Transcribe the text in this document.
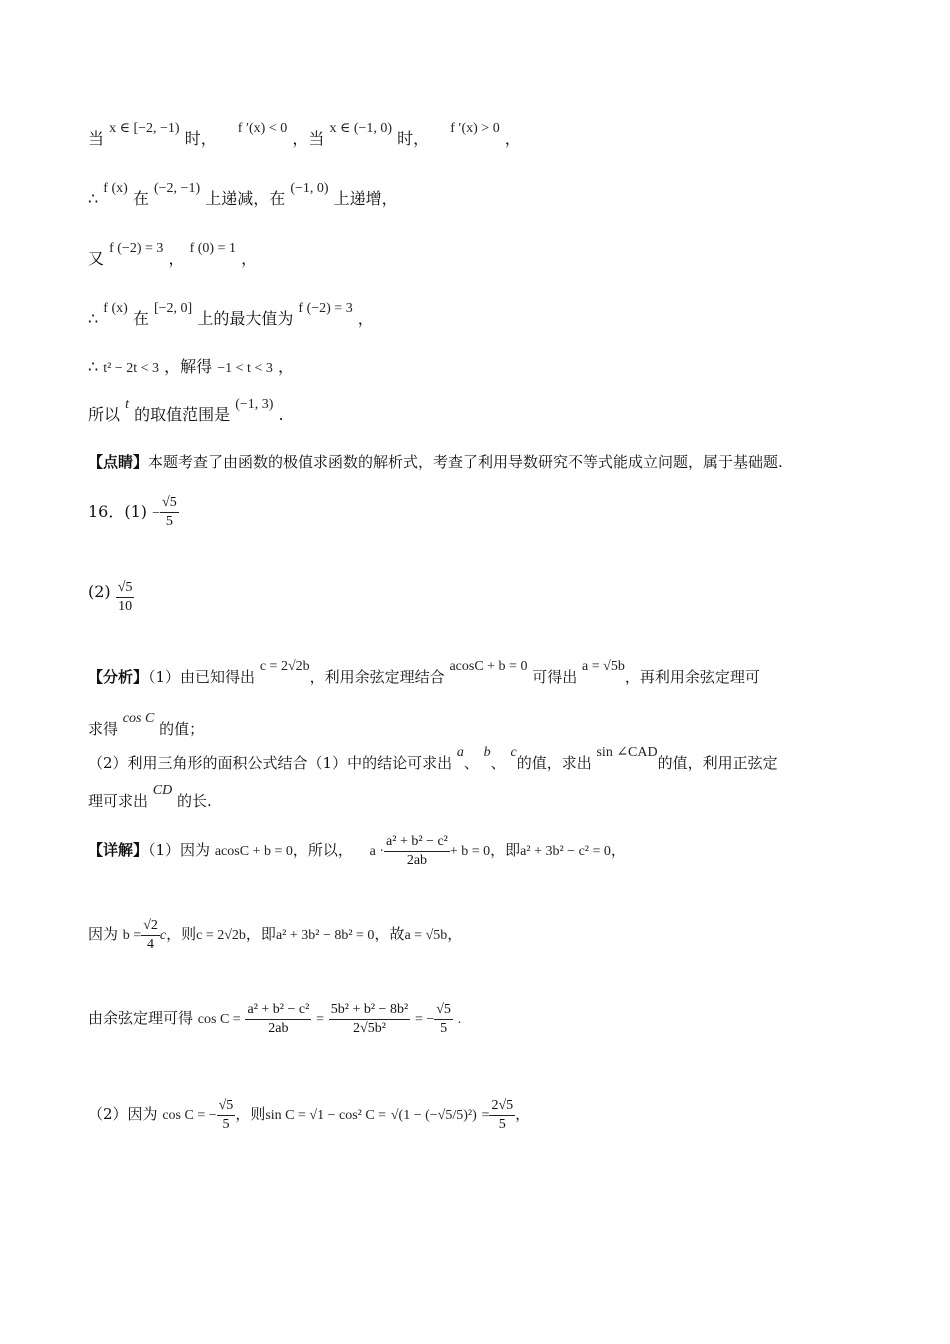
当 x ∈ [−2, −1) 时， f ′(x) < 0 ，当 x ∈ (−1, 0) 时， f ′(x) > 0 ，
∴ f (x) 在 (−2, −1) 上递减，在 (−1, 0) 上递增，
又 f (−2) = 3 ， f (0) = 1 ，
∴ f (x) 在 [−2, 0] 上的最大值为 f (−2) = 3 ，
∴ t² − 2t < 3 ，解得 −1 < t < 3 ，
所以 t 的取值范围是 (−1, 3) .
【点睛】本题考查了由函数的极值求函数的解析式，考查了利用导数研究不等式能成立问题，属于基础题.
16．$(1) - \frac{√5}{5}$
$(2) \frac{√5}{10}$
【分析】（1）由已知得出 c = 2√2b，利用余弦定理结合 acosC + b = 0 可得出 a = √5b，再利用余弦定理可
求得 cos C 的值；
（2）利用三角形的面积公式结合（1）中的结论可求出 a、 b、 c的值，求出 sin ∠CAD的值，利用正弦定
理可求出 CD 的长.
【详解】（1）因为 acosC + b = 0，所以， $a \cdot \frac{\text{a² + b² − c²}}{2ab} + b = 0$，即a² + 3b² − c² = 0，
因为 $b = \frac{√2}{4}$ c，则c = 2√2b，即a² + 3b² − 8b² = 0，故a = √5b，
由余弦定理可得 $\cos C = \frac{\text{a² + b² − c²}}{2ab} = \frac{\text{5b² + b² − 8b²}}{\text{2√5b²}}$ = − $\frac{√5}{5}$ .
（2）因为 cos C = − $\frac{√5}{5}$ ，则sin C = √1 − cos² $C = √(1 - (-√5/5)^2) = \frac{2√5}{5}$ ，
